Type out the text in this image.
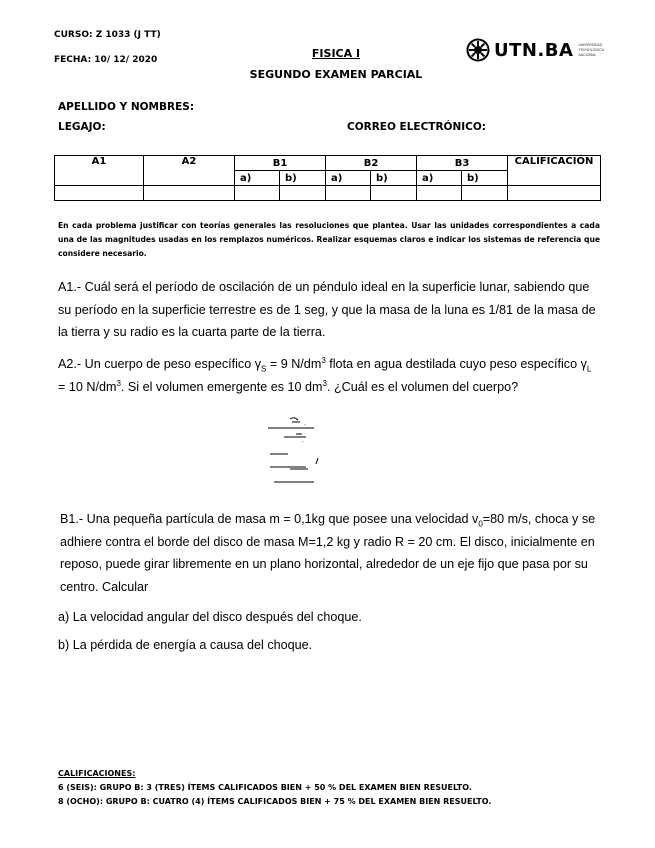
CURSO: Z 1033 (J TT)
FECHA: 10/ 12/ 2020	FISICA I
SEGUNDO EXAMEN PARCIAL
UTN.BA UNIVERSIDAD TECNOLÓGICA NACIONAL
APELLIDO Y NOMBRES:
LEGAJO:	CORREO ELECTRÓNICO:
A1	A2	B1		B2		B3		CALIFICACIÓN
		a)	b)	a)	b)	a)	b)	

En cada problema justificar con teorías generales las resoluciones que plantea. Usar las unidades correspondientes a cada una de las magnitudes usadas en los remplazos numéricos. Realizar esquemas claros e indicar los sistemas de referencia que considere necesario.
A1.- Cuál será el período de oscilación de un péndulo ideal en la superficie lunar, sabiendo que su período en la superficie terrestre es de 1 seg, y que la masa de la luna es 1/81 de la masa de la tierra y su radio es la cuarta parte de la tierra.
A2.- Un cuerpo de peso específico $\gamma_S = 9$ $N/dm^3$ flota en agua destilada cuyo peso específico $\gamma_L = 10$ $N/dm^3$. Si el volumen emergente es 10 $dm^3$. ¿Cuál es el volumen del cuerpo?
.
.
B1.- Una pequeña partícula de masa m = 0,1kg que posee una velocidad $v_0=80$ m/s, choca y se adhiere contra el borde del disco de masa M=1,2 kg y radio R = 20 cm. El disco, inicialmente en reposo, puede girar libremente en un plano horizontal, alrededor de un eje fijo que pasa por su centro. Calcular
a) La velocidad angular del disco después del choque.
b) La pérdida de energía a causa del choque.
CALIFICACIONES:
6 (SEIS): GRUPO B: 3 (TRES) ÍTEMS CALIFICADOS BIEN + 50 % DEL EXAMEN BIEN RESUELTO.
8 (OCHO): GRUPO B: CUATRO (4) ÍTEMS CALIFICADOS BIEN + 75 % DEL EXAMEN BIEN RESUELTO.
